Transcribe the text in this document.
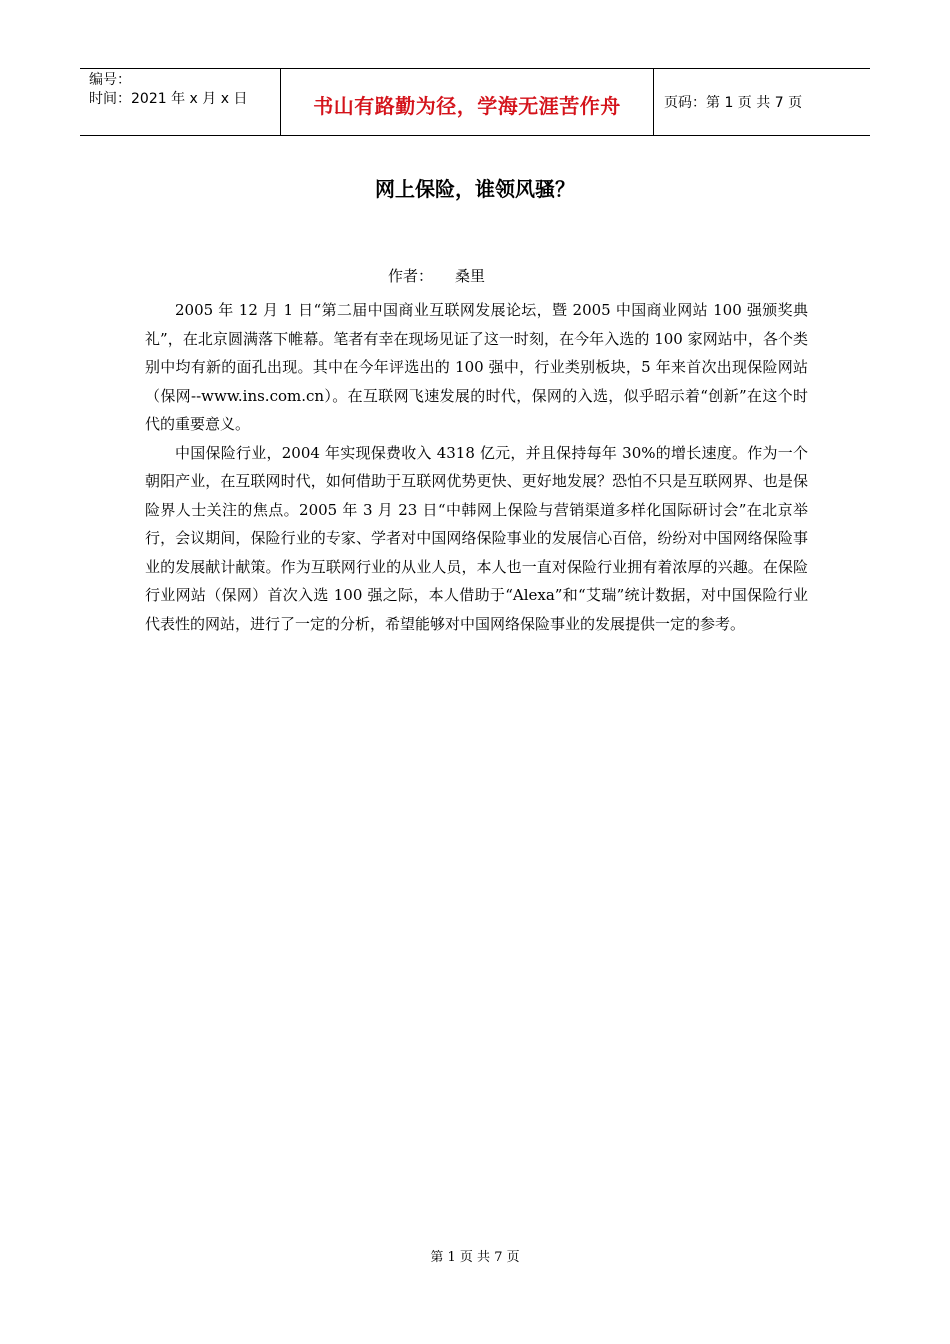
编号：
时间：2021 年 x 月 x 日	书山有路勤为径，学海无涯苦作舟	页码：第 1 页 共 7 页
网上保险，谁领风骚？
作者： 桑里

2005 年 12 月 1 日“第二届中国商业互联网发展论坛，暨 2005 中国商业网站 100 强颁奖典礼”，在北京圆满落下帷幕。笔者有幸在现场见证了这一时刻，在今年入选的 100 家网站中，各个类别中均有新的面孔出现。其中在今年评选出的 100 强中，行业类别板块，5 年来首次出现保险网站（保网--www.ins.com.cn）。在互联网飞速发展的时代，保网的入选，似乎昭示着“创新”在这个时代的重要意义。

中国保险行业，2004 年实现保费收入 4318 亿元，并且保持每年 30%的增长速度。作为一个朝阳产业，在互联网时代，如何借助于互联网优势更快、更好地发展？恐怕不只是互联网界、也是保险界人士关注的焦点。2005 年 3 月 23 日“中韩网上保险与营销渠道多样化国际研讨会”在北京举行，会议期间，保险行业的专家、学者对中国网络保险事业的发展信心百倍，纷纷对中国网络保险事业的发展献计献策。作为互联网行业的从业人员，本人也一直对保险行业拥有着浓厚的兴趣。在保险行业网站（保网）首次入选 100 强之际，本人借助于“Alexa”和“艾瑞”统计数据，对中国保险行业代表性的网站，进行了一定的分析，希望能够对中国网络保险事业的发展提供一定的参考。

第 1 页 共 7 页
